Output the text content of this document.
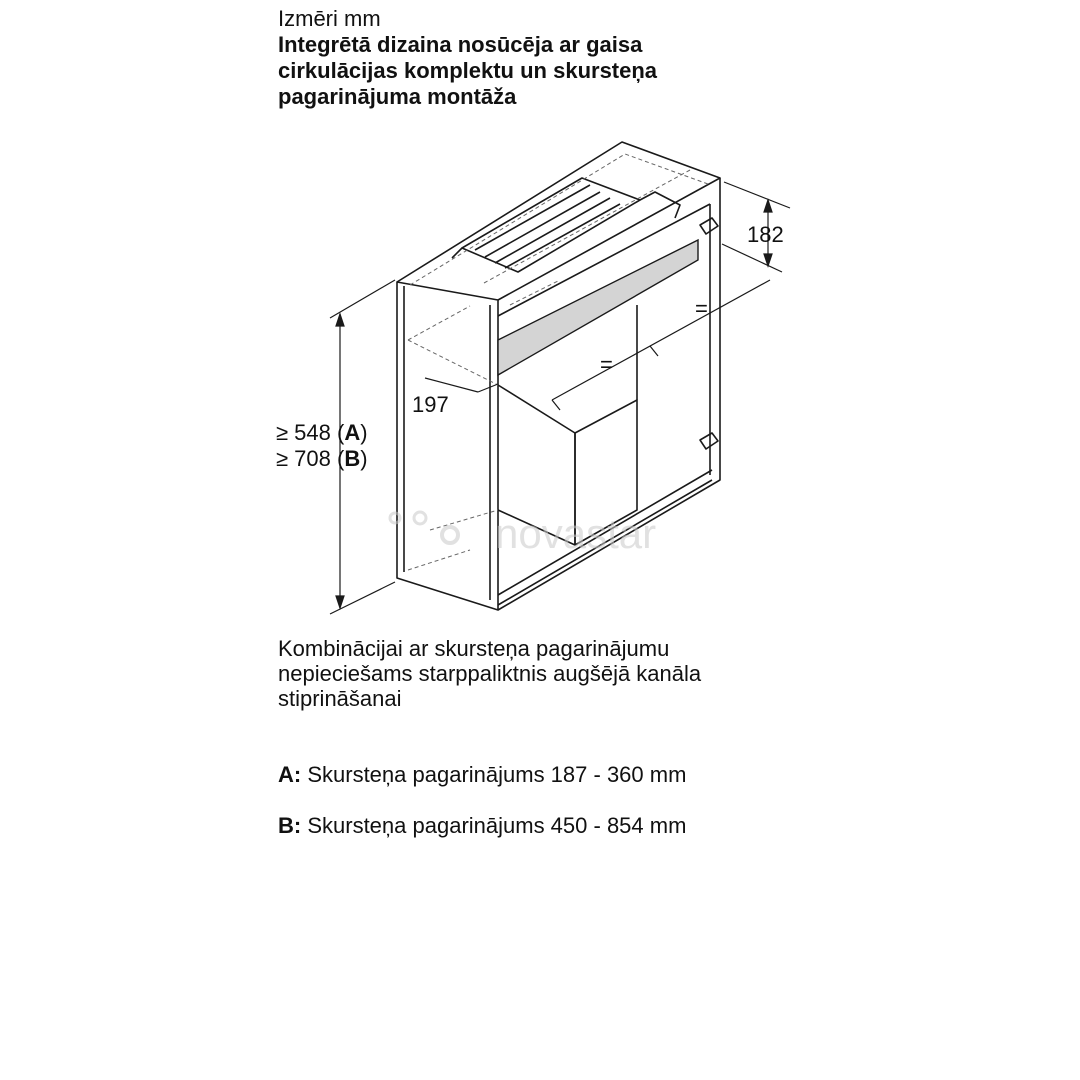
Izmēri mm
Integrētā dizaina nosūcēja ar gaisa
cirkulācijas komplektu un skursteņa
pagarinājuma montāža
novastar
≥ 548 (A)
≥ 708 (B)
182
197
=
=
Kombinācijai ar skursteņa pagarinājumu
nepieciešams starppaliktnis augšējā kanāla
stiprināšanai
A: Skursteņa pagarinājums 187 - 360 mm
B: Skursteņa pagarinājums 450 - 854 mm
